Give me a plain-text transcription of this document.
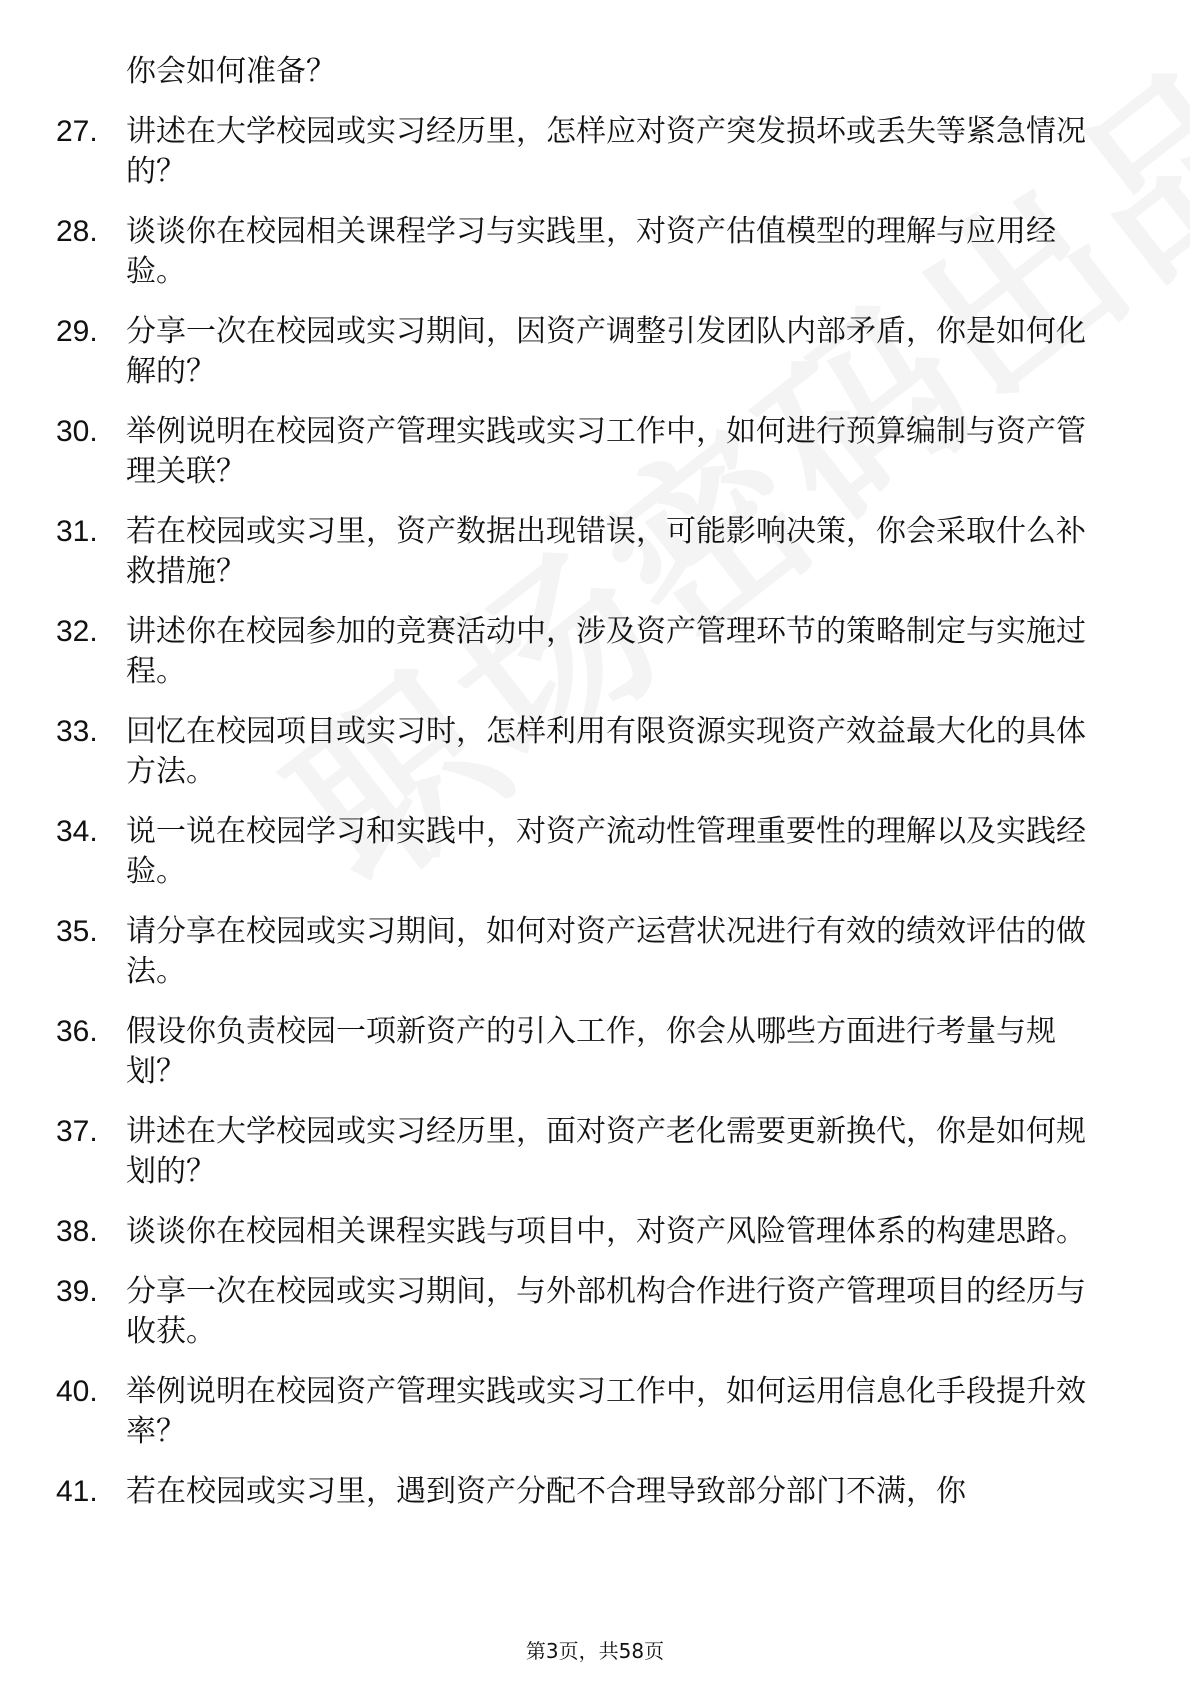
你会如何准备？
27. 讲述在大学校园或实习经历里，怎样应对资产突发损坏或丢失等紧急情况的？
28. 谈谈你在校园相关课程学习与实践里，对资产估值模型的理解与应用经验。
29. 分享一次在校园或实习期间，因资产调整引发团队内部矛盾，你是如何化解的？
30. 举例说明在校园资产管理实践或实习工作中，如何进行预算编制与资产管理关联？
31. 若在校园或实习里，资产数据出现错误，可能影响决策，你会采取什么补救措施？
32. 讲述你在校园参加的竞赛活动中，涉及资产管理环节的策略制定与实施过程。
33. 回忆在校园项目或实习时，怎样利用有限资源实现资产效益最大化的具体方法。
34. 说一说在校园学习和实践中，对资产流动性管理重要性的理解以及实践经验。
35. 请分享在校园或实习期间，如何对资产运营状况进行有效的绩效评估的做法。
36. 假设你负责校园一项新资产的引入工作，你会从哪些方面进行考量与规划？
37. 讲述在大学校园或实习经历里，面对资产老化需要更新换代，你是如何规划的？
38. 谈谈你在校园相关课程实践与项目中，对资产风险管理体系的构建思路。
39. 分享一次在校园或实习期间，与外部机构合作进行资产管理项目的经历与收获。
40. 举例说明在校园资产管理实践或实习工作中，如何运用信息化手段提升效率？
41. 若在校园或实习里，遇到资产分配不合理导致部分部门不满，你
第3页，共58页
